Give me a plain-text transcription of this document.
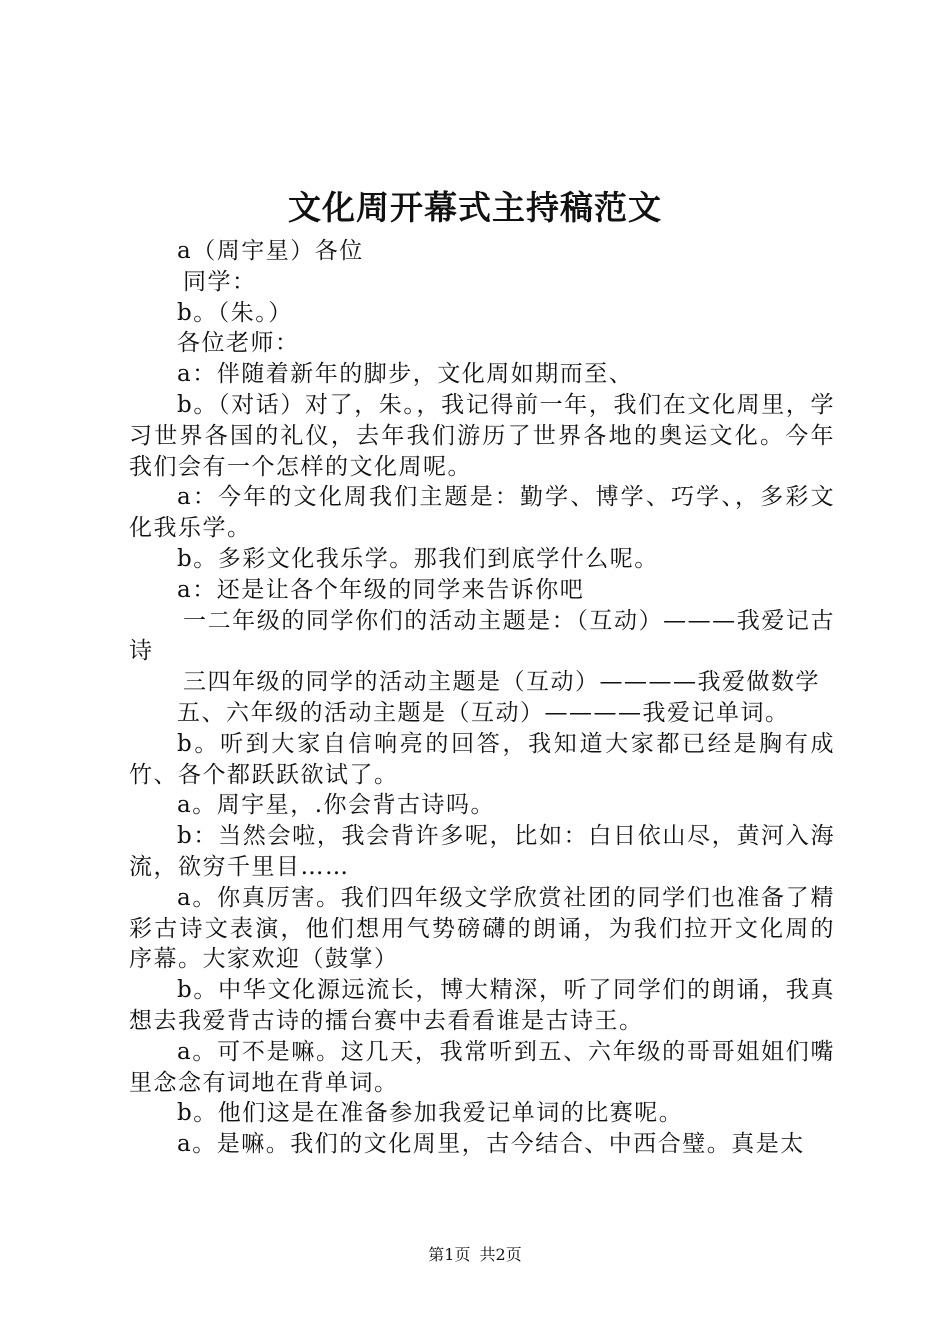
文化周开幕式主持稿范文

a（周宇星）各位

同学：

b。（朱。）

各位老师：

a：伴随着新年的脚步，文化周如期而至、

b。（对话）对了，朱。，我记得前一年，我们在文化周里，学习世界各国的礼仪，去年我们游历了世界各地的奥运文化。今年我们会有一个怎样的文化周呢。

a：今年的文化周我们主题是：勤学、博学、巧学、，多彩文化我乐学。

b。多彩文化我乐学。那我们到底学什么呢。

a：还是让各个年级的同学来告诉你吧

一二年级的同学你们的活动主题是：（互动）———我爱记古诗

三四年级的同学的活动主题是（互动）————我爱做数学

五、六年级的活动主题是（互动）————我爱记单词。

b。听到大家自信响亮的回答，我知道大家都已经是胸有成竹、各个都跃跃欲试了。

a。周宇星，.你会背古诗吗。

b：当然会啦，我会背许多呢，比如：白日依山尽，黄河入海流，欲穷千里目……

a。你真厉害。我们四年级文学欣赏社团的同学们也准备了精彩古诗文表演，他们想用气势磅礴的朗诵，为我们拉开文化周的序幕。大家欢迎（鼓掌）

b。中华文化源远流长，博大精深，听了同学们的朗诵，我真想去我爱背古诗的擂台赛中去看看谁是古诗王。

a。可不是嘛。这几天，我常听到五、六年级的哥哥姐姐们嘴里念念有词地在背单词。

b。他们这是在准备参加我爱记单词的比赛呢。

a。是嘛。我们的文化周里，古今结合、中西合璧。真是太

第1页 共2页
